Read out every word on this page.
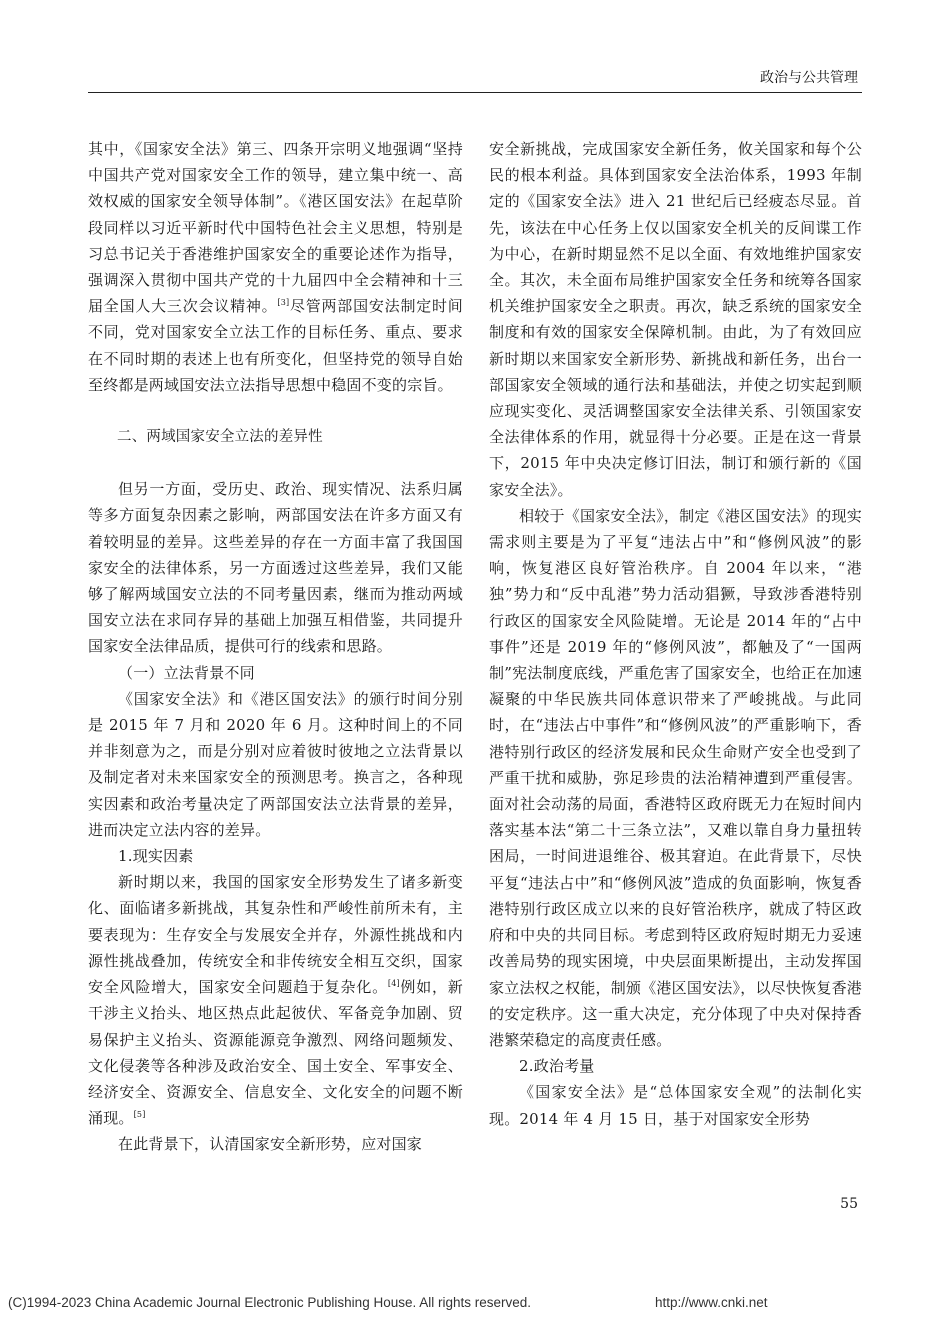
政治与公共管理

其中，《国家安全法》第三、四条开宗明义地强调“坚持中国共产党对国家安全工作的领导，建立集中统一、高效权威的国家安全领导体制”。《港区国安法》在起草阶段同样以习近平新时代中国特色社会主义思想，特别是习总书记关于香港维护国家安全的重要论述作为指导，强调深入贯彻中国共产党的十九届四中全会精神和十三届全国人大三次会议精神。[3]尽管两部国安法制定时间不同，党对国家安全立法工作的目标任务、重点、要求在不同时期的表述上也有所变化，但坚持党的领导自始至终都是两域国安法立法指导思想中稳固不变的宗旨。

二、两域国家安全立法的差异性

但另一方面，受历史、政治、现实情况、法系归属等多方面复杂因素之影响，两部国安法在许多方面又有着较明显的差异。这些差异的存在一方面丰富了我国国家安全的法律体系，另一方面透过这些差异，我们又能够了解两域国安立法的不同考量因素，继而为推动两域国安立法在求同存异的基础上加强互相借鉴，共同提升国家安全法律品质，提供可行的线索和思路。

（一）立法背景不同

《国家安全法》和《港区国安法》的颁行时间分别是 2015 年 7 月和 2020 年 6 月。这种时间上的不同并非刻意为之，而是分别对应着彼时彼地之立法背景以及制定者对未来国家安全的预测思考。换言之，各种现实因素和政治考量决定了两部国安法立法背景的差异，进而决定立法内容的差异。

1.现实因素

新时期以来，我国的国家安全形势发生了诸多新变化、面临诸多新挑战，其复杂性和严峻性前所未有，主要表现为：生存安全与发展安全并存，外源性挑战和内源性挑战叠加，传统安全和非传统安全相互交织，国家安全风险增大，国家安全问题趋于复杂化。[4]例如，新干涉主义抬头、地区热点此起彼伏、军备竞争加剧、贸易保护主义抬头、资源能源竞争激烈、网络问题频发、文化侵袭等各种涉及政治安全、国土安全、军事安全、经济安全、资源安全、信息安全、文化安全的问题不断涌现。[5]

在此背景下，认清国家安全新形势，应对国家

安全新挑战，完成国家安全新任务，攸关国家和每个公民的根本利益。具体到国家安全法治体系，1993 年制定的《国家安全法》进入 21 世纪后已经疲态尽显。首先，该法在中心任务上仅以国家安全机关的反间谍工作为中心，在新时期显然不足以全面、有效地维护国家安全。其次，未全面布局维护国家安全任务和统筹各国家机关维护国家安全之职责。再次，缺乏系统的国家安全制度和有效的国家安全保障机制。由此，为了有效回应新时期以来国家安全新形势、新挑战和新任务，出台一部国家安全领域的通行法和基础法，并使之切实起到顺应现实变化、灵活调整国家安全法律关系、引领国家安全法律体系的作用，就显得十分必要。正是在这一背景下，2015 年中央决定修订旧法，制订和颁行新的《国家安全法》。

相较于《国家安全法》，制定《港区国安法》的现实需求则主要是为了平复“违法占中”和“修例风波”的影响，恢复港区良好管治秩序。自 2004 年以来，“港独”势力和“反中乱港”势力活动猖獗，导致涉香港特别行政区的国家安全风险陡增。无论是 2014 年的“占中事件”还是 2019 年的“修例风波”，都触及了“一国两制”宪法制度底线，严重危害了国家安全，也给正在加速凝聚的中华民族共同体意识带来了严峻挑战。与此同时，在“违法占中事件”和“修例风波”的严重影响下，香港特别行政区的经济发展和民众生命财产安全也受到了严重干扰和威胁，弥足珍贵的法治精神遭到严重侵害。面对社会动荡的局面，香港特区政府既无力在短时间内落实基本法“第二十三条立法”，又难以靠自身力量扭转困局，一时间进退维谷、极其窘迫。在此背景下，尽快平复“违法占中”和“修例风波”造成的负面影响，恢复香港特别行政区成立以来的良好管治秩序，就成了特区政府和中央的共同目标。考虑到特区政府短时期无力妥速改善局势的现实困境，中央层面果断提出，主动发挥国家立法权之权能，制颁《港区国安法》，以尽快恢复香港的安定秩序。这一重大决定，充分体现了中央对保持香港繁荣稳定的高度责任感。

2.政治考量

《国家安全法》是“总体国家安全观”的法制化实现。2014 年 4 月 15 日，基于对国家安全形势

55
(C)1994-2023 China Academic Journal Electronic Publishing House. All rights reserved.	http://www.cnki.net
